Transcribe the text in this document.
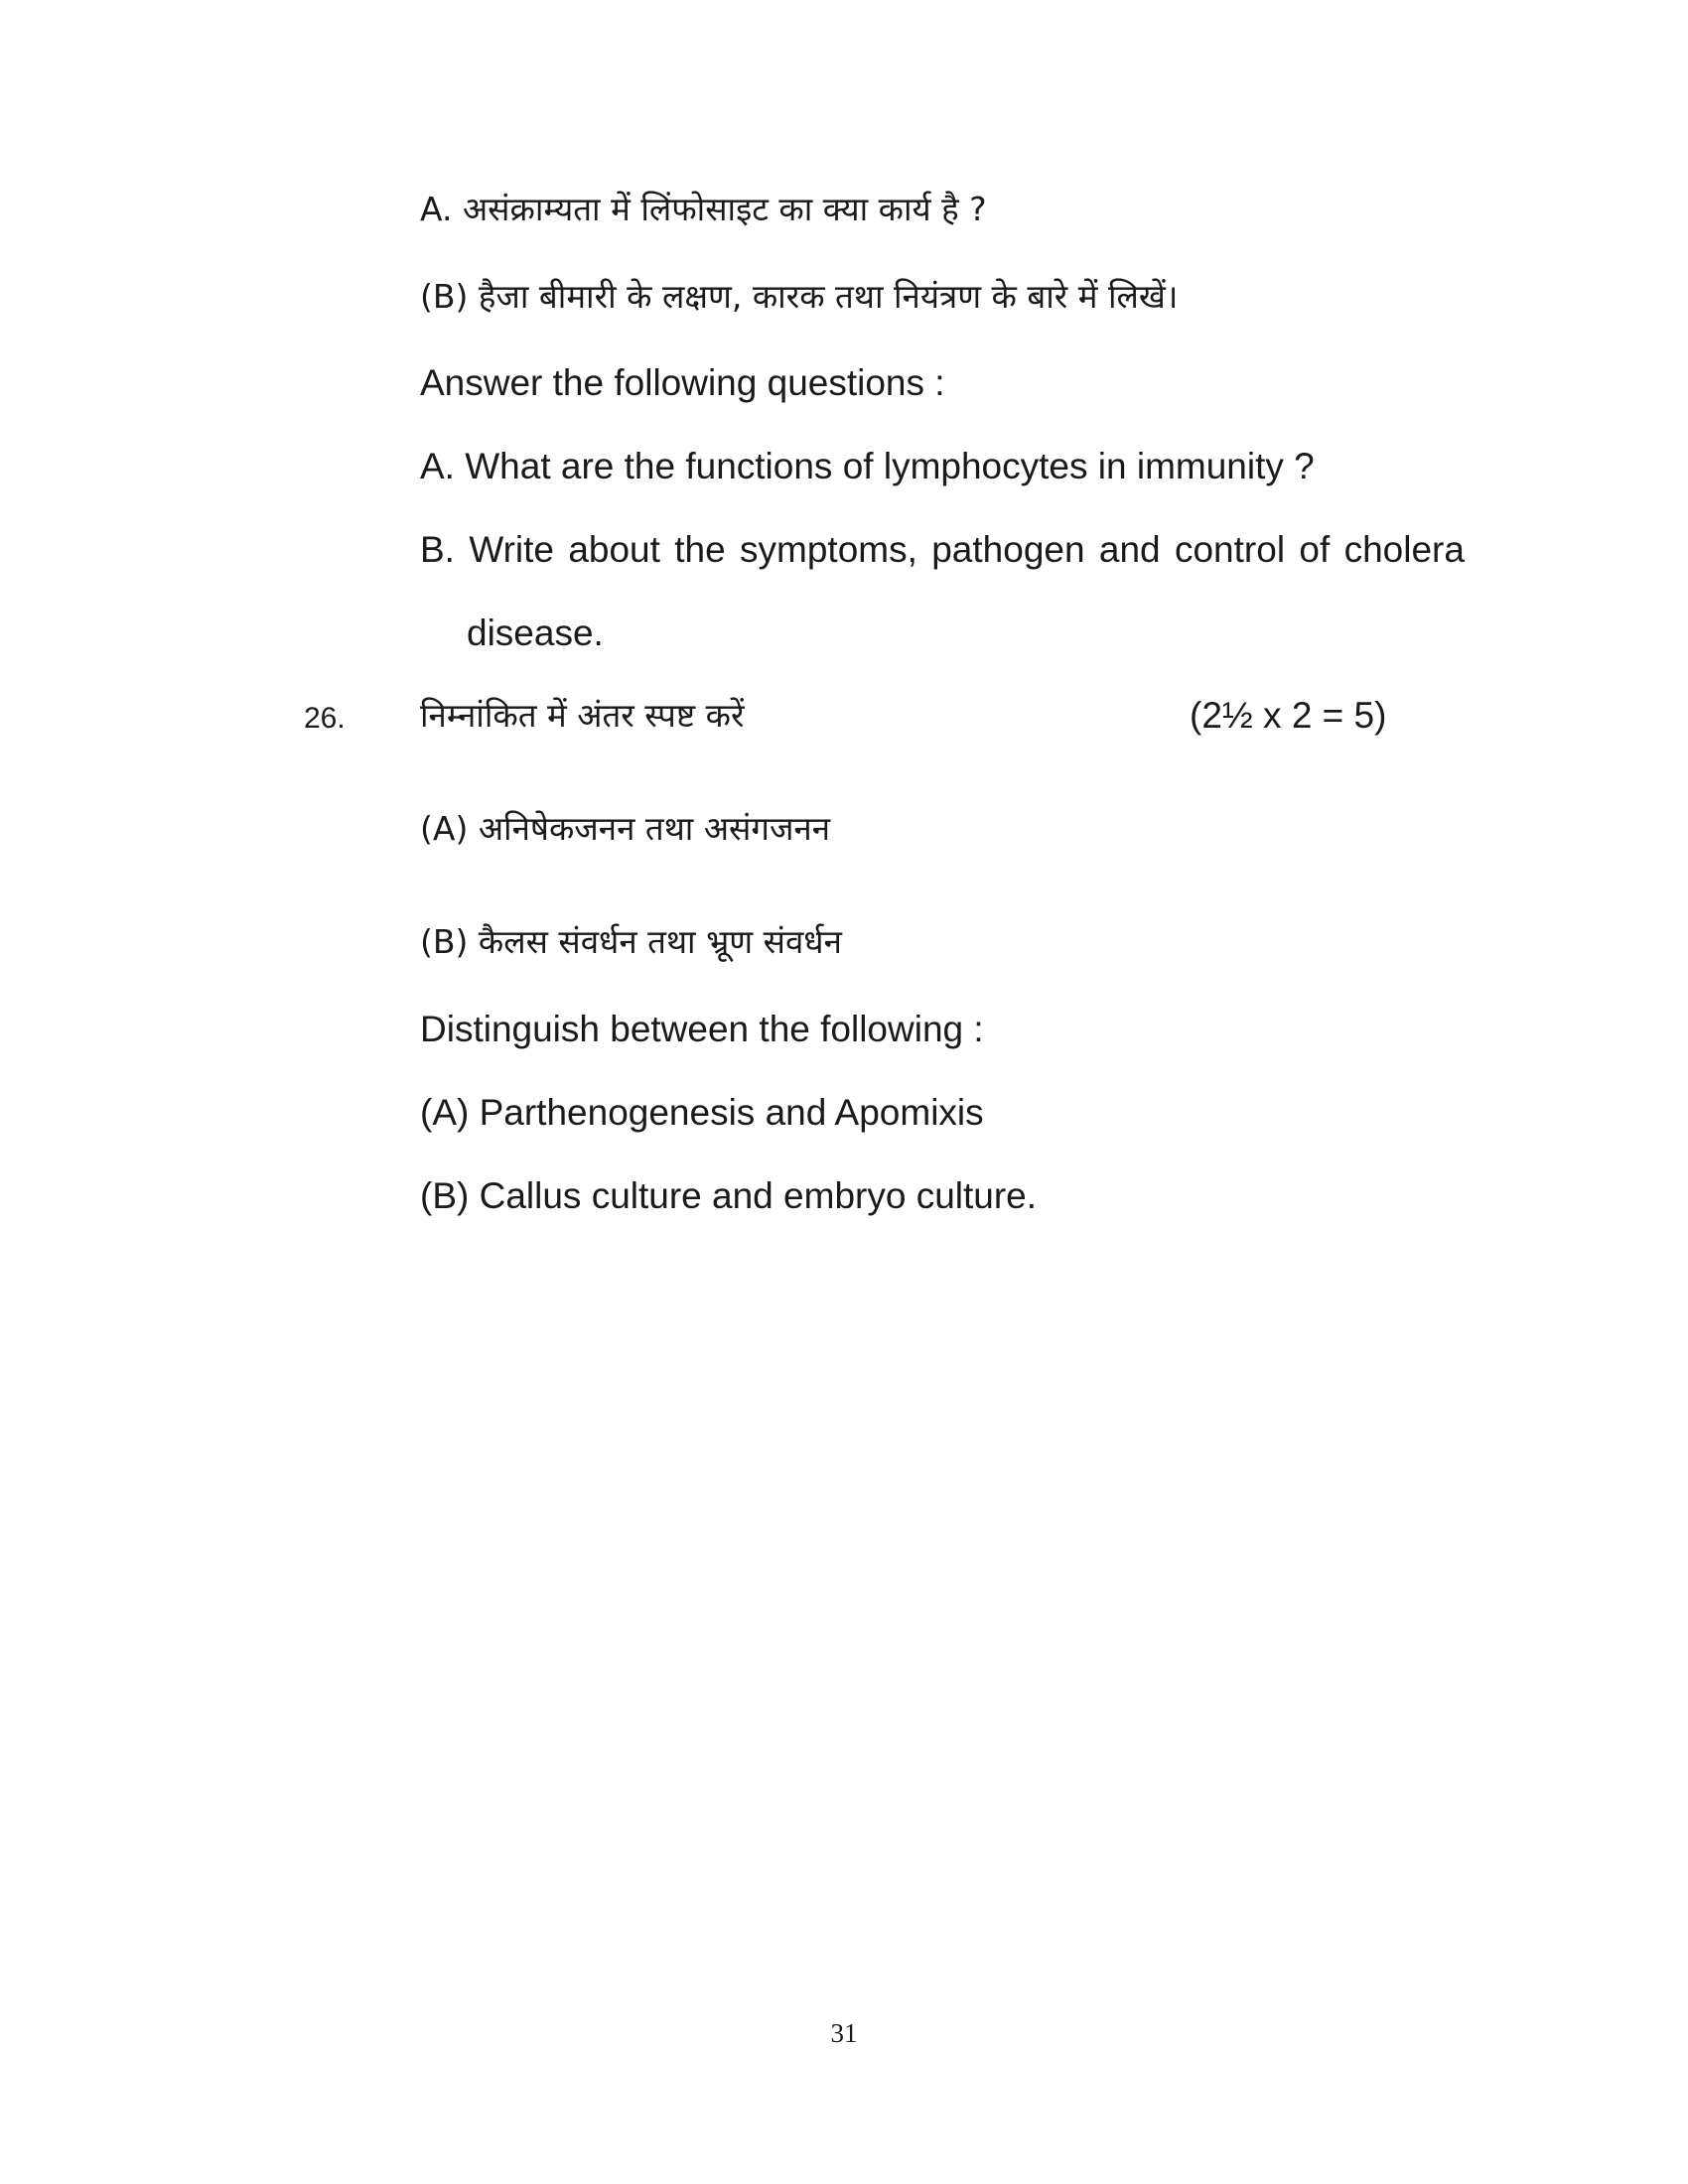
A. असंक्राम्यता में लिंफोसाइट का क्या कार्य है ?
(B) हैजा बीमारी के लक्षण, कारक तथा नियंत्रण के बारे में लिखें।
Answer the following questions :
A. What are the functions of lymphocytes in immunity ?
B. Write about the symptoms, pathogen and control of cholera
disease.
26. निम्नांकित में अंतर स्पष्ट करें	(2½ x 2 = 5)
(A) अनिषेकजनन तथा असंगजनन
(B) कैलस संवर्धन तथा भ्रूण संवर्धन
Distinguish between the following :
(A) Parthenogenesis and Apomixis
(B) Callus culture and embryo culture.
31
